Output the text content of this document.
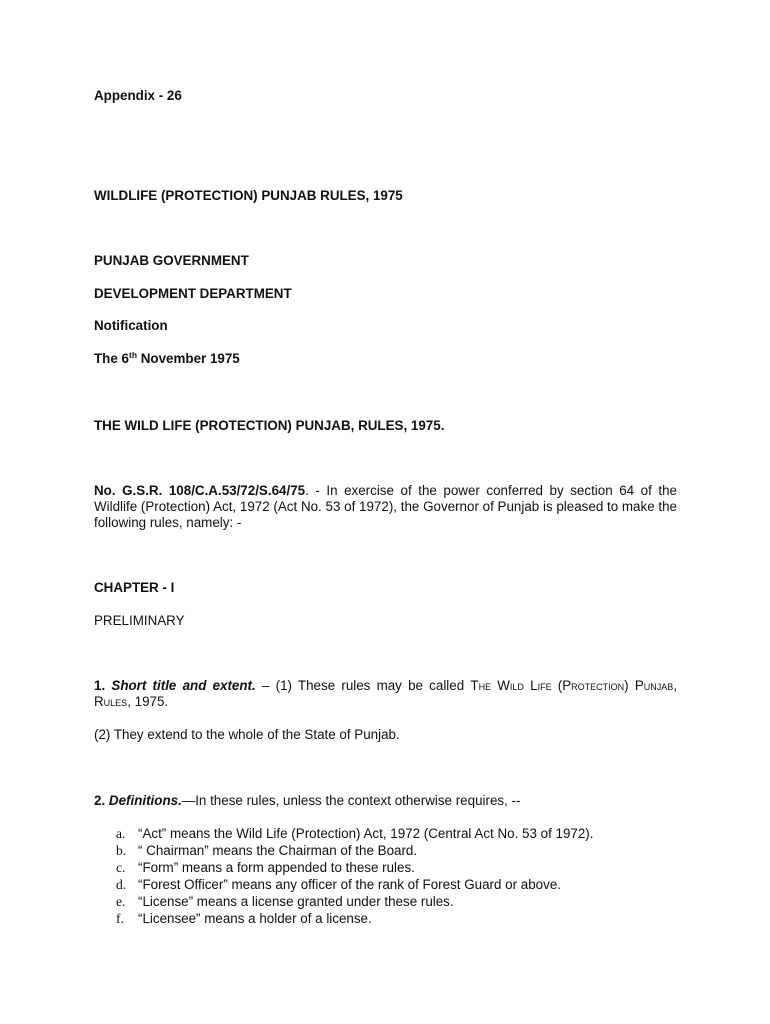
Appendix - 26
WILDLIFE (PROTECTION) PUNJAB RULES, 1975
PUNJAB GOVERNMENT
DEVELOPMENT DEPARTMENT
Notification
The 6th November 1975
THE WILD LIFE (PROTECTION) PUNJAB, RULES, 1975.
No. G.S.R. 108/C.A.53/72/S.64/75. - In exercise of the power conferred by section 64 of the Wildlife (Protection) Act, 1972 (Act No. 53 of 1972), the Governor of Punjab is pleased to make the following rules, namely: -
CHAPTER - I
PRELIMINARY
1. Short title and extent. – (1) These rules may be called The Wild Life (Protection) Punjab, Rules, 1975.
(2) They extend to the whole of the State of Punjab.
2. Definitions.—In these rules, unless the context otherwise requires, --
a. “Act” means the Wild Life (Protection) Act, 1972 (Central Act No. 53 of 1972).
b. “ Chairman” means the Chairman of the Board.
c. “Form” means a form appended to these rules.
d. “Forest Officer” means any officer of the rank of Forest Guard or above.
e. “License” means a license granted under these rules.
f. “Licensee” means a holder of a license.
